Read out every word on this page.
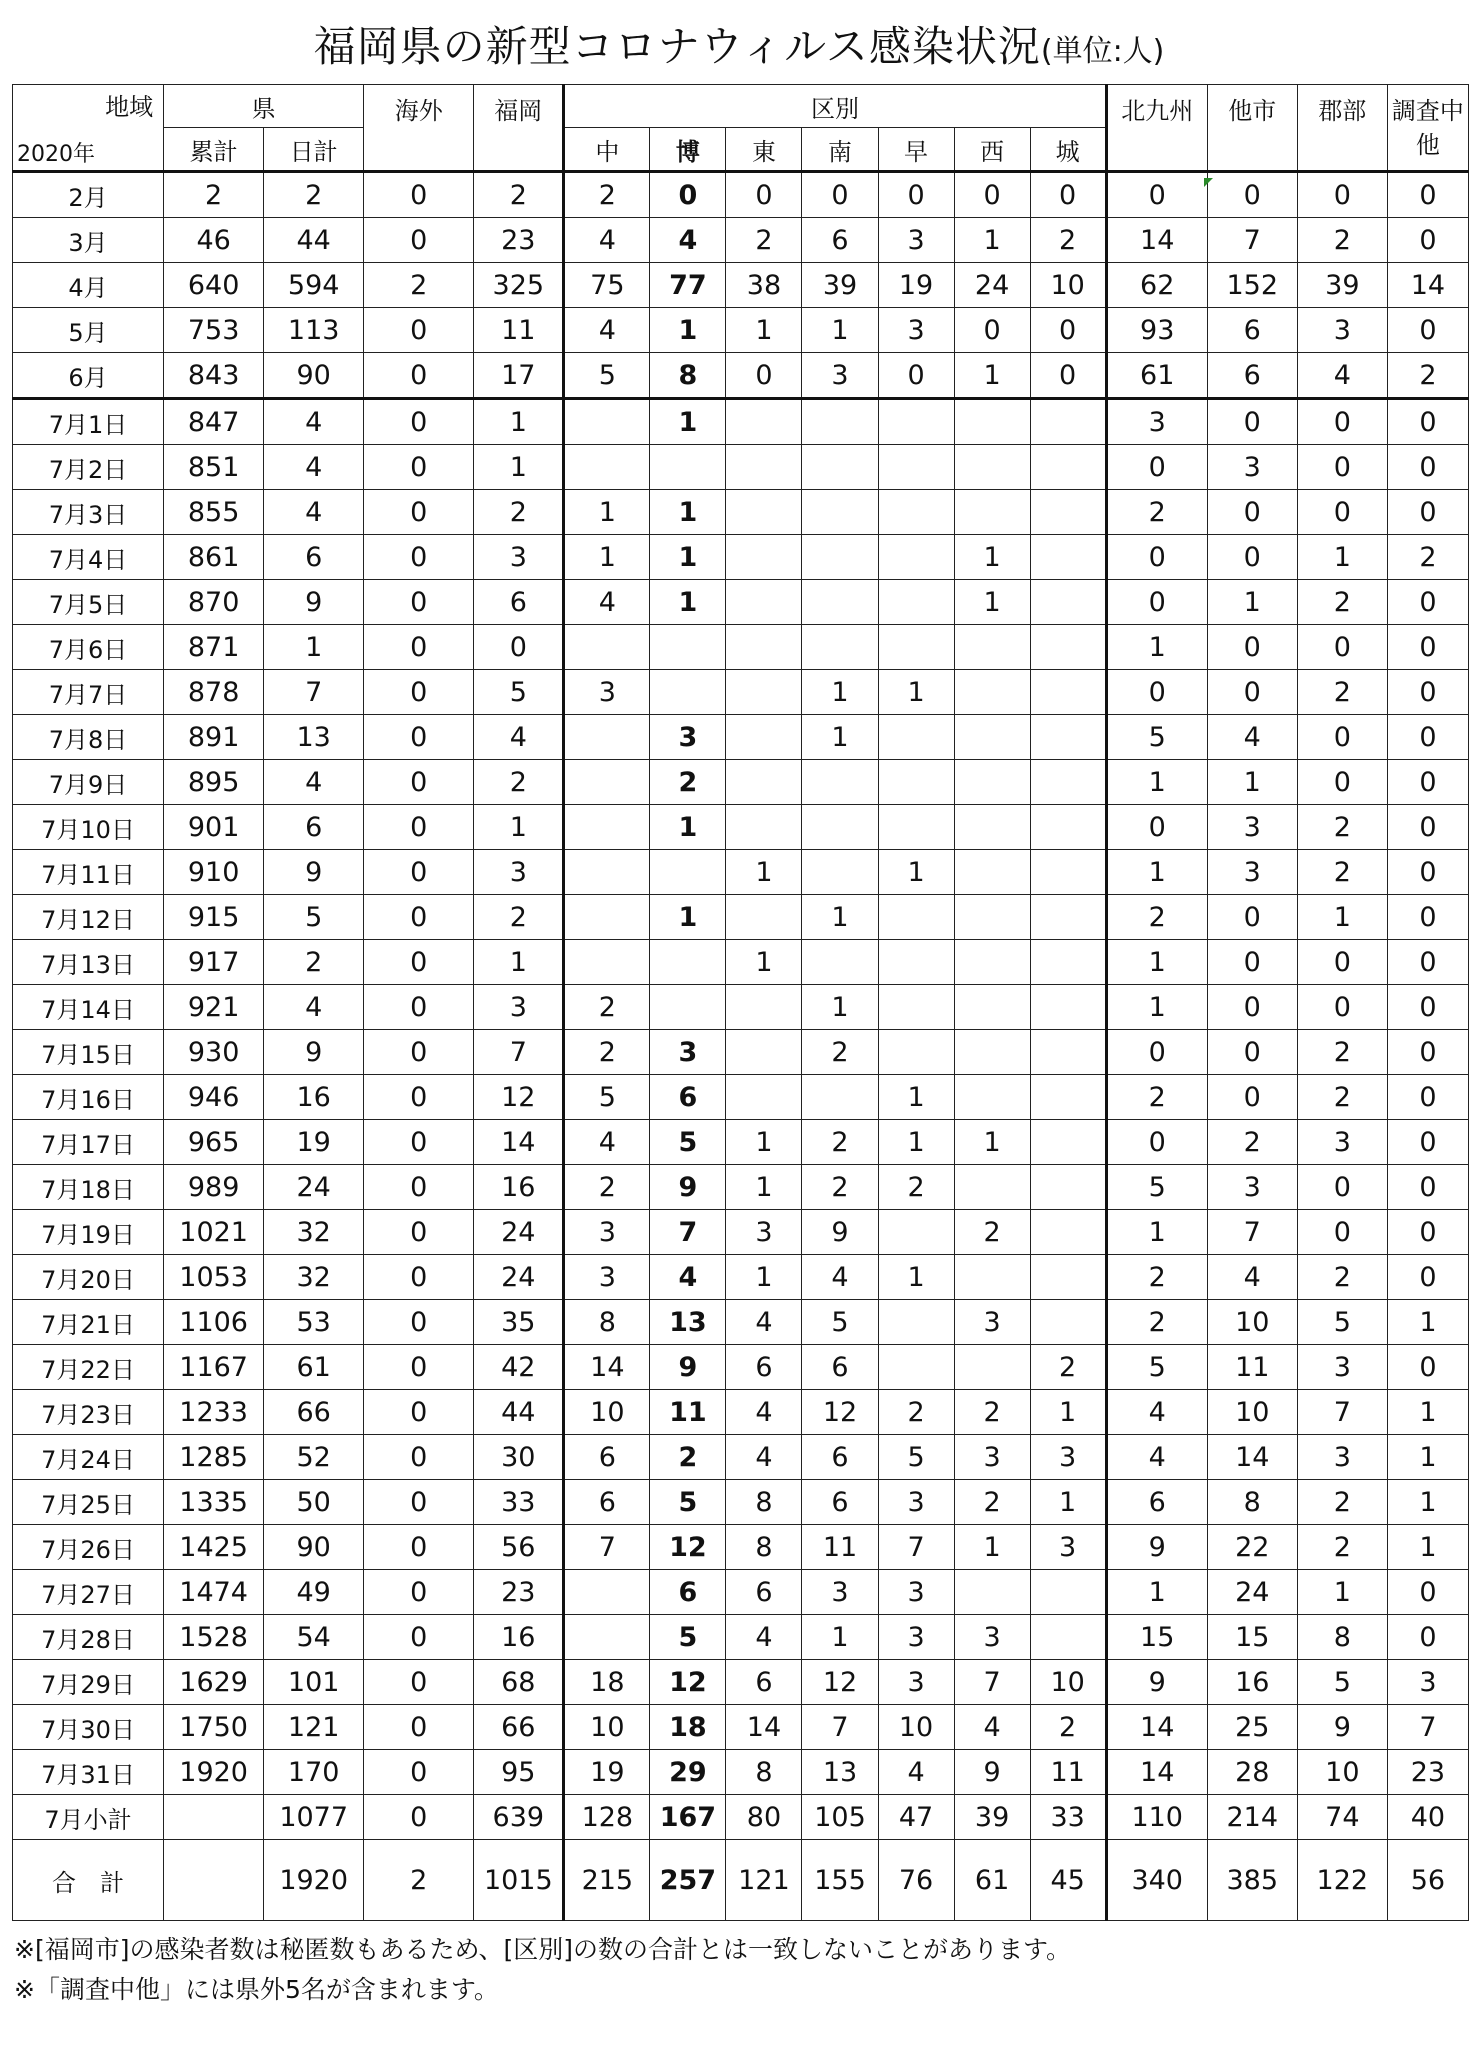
福岡県の新型コロナウィルス感染状況(単位:人)
地域
2020年	県		海外	福岡	区別							北九州	他市	郡部	調査中他
	累計	日計			中	博	東	南	早	西	城				
2月	2	2	0	2	2	0	0	0	0	0	0	0	0	0	0
3月	46	44	0	23	4	4	2	6	3	1	2	14	7	2	0
4月	640	594	2	325	75	77	38	39	19	24	10	62	152	39	14
5月	753	113	0	11	4	1	1	1	3	0	0	93	6	3	0
6月	843	90	0	17	5	8	0	3	0	1	0	61	6	4	2
7月1日	847	4	0	1		1						3	0	0	0
7月2日	851	4	0	1								0	3	0	0
7月3日	855	4	0	2	1	1						2	0	0	0
7月4日	861	6	0	3	1	1				1		0	0	1	2
7月5日	870	9	0	6	4	1				1		0	1	2	0
7月6日	871	1	0	0								1	0	0	0
7月7日	878	7	0	5	3			1	1			0	0	2	0
7月8日	891	13	0	4		3		1				5	4	0	0
7月9日	895	4	0	2		2						1	1	0	0
7月10日	901	6	0	1		1						0	3	2	0
7月11日	910	9	0	3			1		1			1	3	2	0
7月12日	915	5	0	2		1		1				2	0	1	0
7月13日	917	2	0	1			1					1	0	0	0
7月14日	921	4	0	3	2			1				1	0	0	0
7月15日	930	9	0	7	2	3		2				0	0	2	0
7月16日	946	16	0	12	5	6			1			2	0	2	0
7月17日	965	19	0	14	4	5	1	2	1	1		0	2	3	0
7月18日	989	24	0	16	2	9	1	2	2			5	3	0	0
7月19日	1021	32	0	24	3	7	3	9		2		1	7	0	0
7月20日	1053	32	0	24	3	4	1	4	1			2	4	2	0
7月21日	1106	53	0	35	8	13	4	5		3		2	10	5	1
7月22日	1167	61	0	42	14	9	6	6			2	5	11	3	0
7月23日	1233	66	0	44	10	11	4	12	2	2	1	4	10	7	1
7月24日	1285	52	0	30	6	2	4	6	5	3	3	4	14	3	1
7月25日	1335	50	0	33	6	5	8	6	3	2	1	6	8	2	1
7月26日	1425	90	0	56	7	12	8	11	7	1	3	9	22	2	1
7月27日	1474	49	0	23		6	6	3	3			1	24	1	0
7月28日	1528	54	0	16		5	4	1	3	3		15	15	8	0
7月29日	1629	101	0	68	18	12	6	12	3	7	10	9	16	5	3
7月30日	1750	121	0	66	10	18	14	7	10	4	2	14	25	9	7
7月31日	1920	170	0	95	19	29	8	13	4	9	11	14	28	10	23
7月小計		1077	0	639	128	167	80	105	47	39	33	110	214	74	40
合　計		1920	2	1015	215	257	121	155	76	61	45	340	385	122	56
※[福岡市]の感染者数は秘匿数もあるため、[区別]の数の合計とは一致しないことがあります。
※「調査中他」には県外5名が含まれます。
